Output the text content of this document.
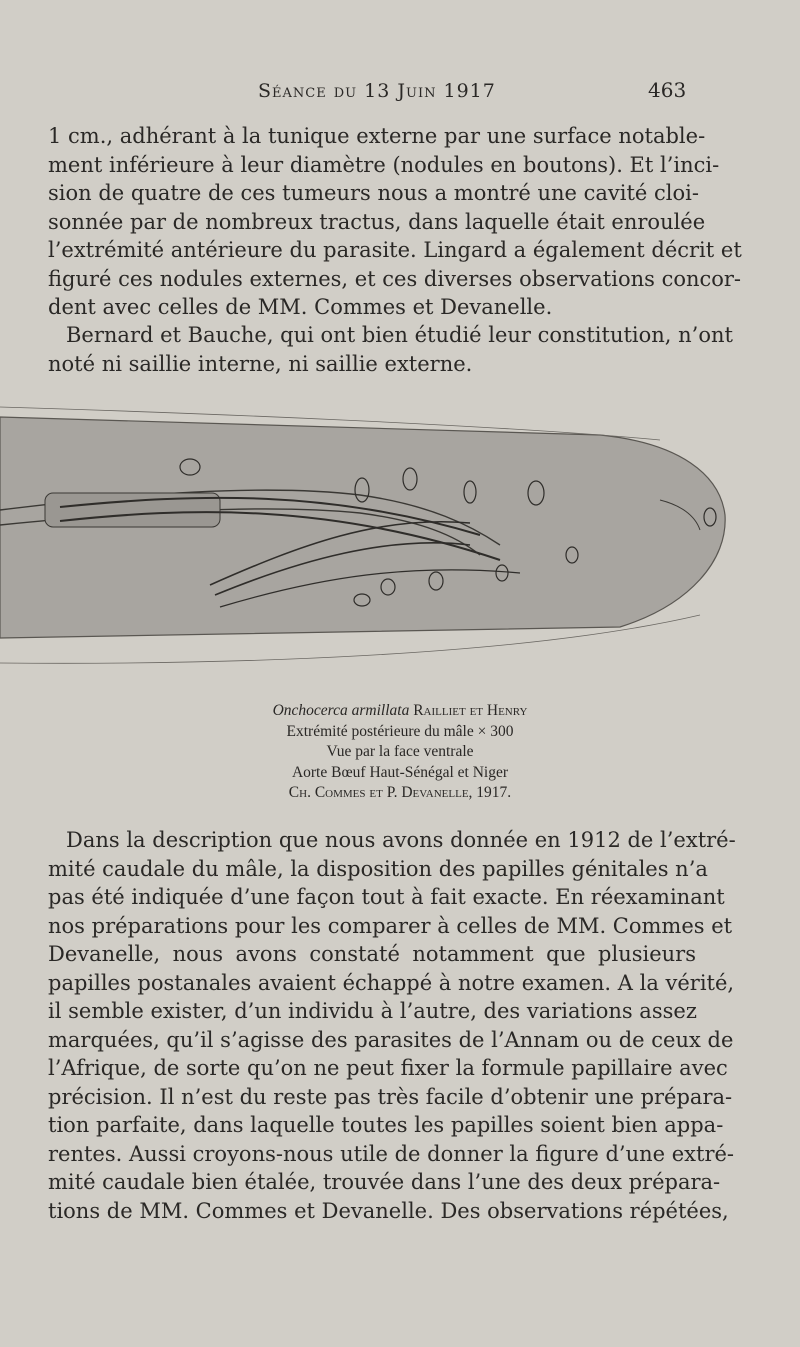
Séance du 13 Juin 1917	463
1 cm., adhérant à la tunique externe par une surface notable-
ment inférieure à leur diamètre (nodules en boutons). Et l’inci-
sion de quatre de ces tumeurs nous a montré une cavité cloi-
sonnée par de nombreux tractus, dans laquelle était enroulée
l’extrémité antérieure du parasite. Lingard a également décrit et
figuré ces nodules externes, et ces diverses observations concor-
dent avec celles de MM. Commes et Devanelle.
Bernard et Bauche, qui ont bien étudié leur constitution, n’ont
noté ni saillie interne, ni saillie externe.
Onchocerca armillata Railliet et Henry
Extrémité postérieure du mâle × 300
Vue par la face ventrale
Aorte Bœuf Haut-Sénégal et Niger
Ch. Commes et P. Devanelle, 1917.
Dans la description que nous avons donnée en 1912 de l’extré-
mité caudale du mâle, la disposition des papilles génitales n’a
pas été indiquée d’une façon tout à fait exacte. En réexaminant
nos préparations pour les comparer à celles de MM. Commes et
Devanelle, nous avons constaté notamment que plusieurs
papilles postanales avaient échappé à notre examen. A la vérité,
il semble exister, d’un individu à l’autre, des variations assez
marquées, qu’il s’agisse des parasites de l’Annam ou de ceux de
l’Afrique, de sorte qu’on ne peut fixer la formule papillaire avec
précision. Il n’est du reste pas très facile d’obtenir une prépara-
tion parfaite, dans laquelle toutes les papilles soient bien appa-
rentes. Aussi croyons-nous utile de donner la figure d’une extré-
mité caudale bien étalée, trouvée dans l’une des deux prépara-
tions de MM. Commes et Devanelle. Des observations répétées,
